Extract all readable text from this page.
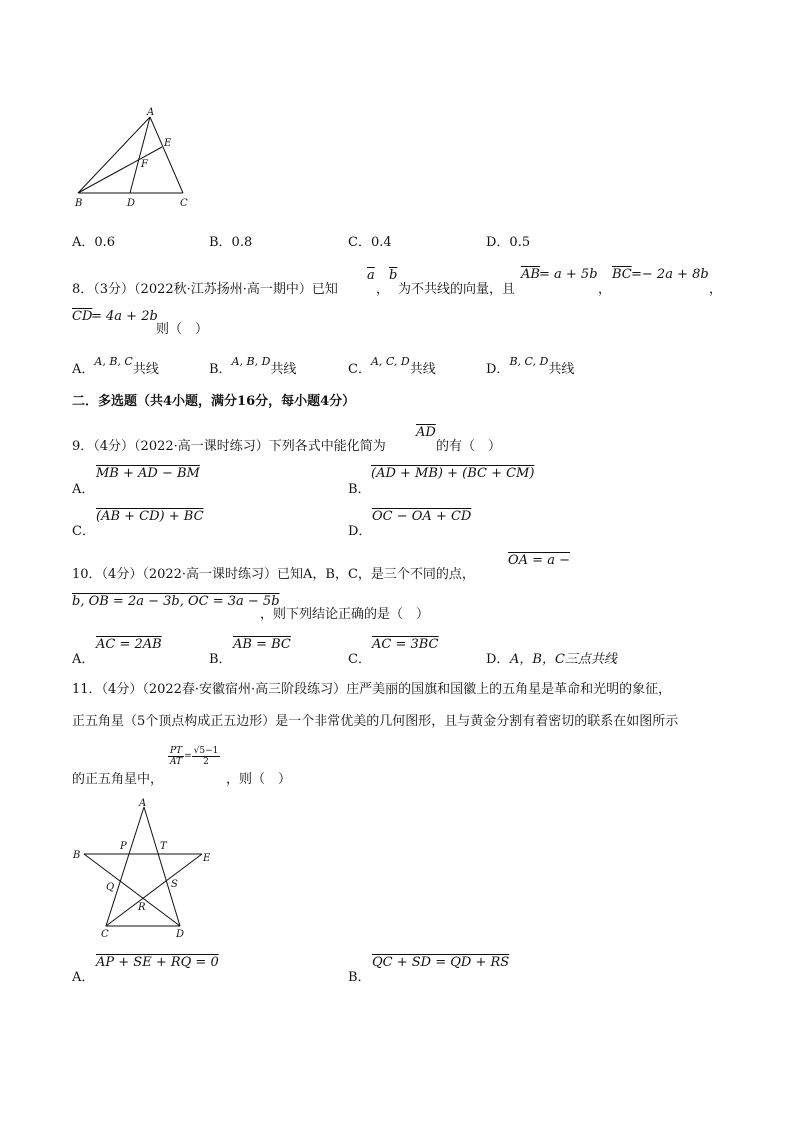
A
E
F
B	D	C
A．0.6	B．0.8	C．0.4	D．0.5
8．（3分）（2022秋·江苏扬州·高一期中）已知
$\overline{a}$
，
$\overline{b}$
为不共线的向量，且
$\overline{AB} = a + 5b$
，
$\overline{BC} =- 2a + 8b$
，
$\overline{CD}$
= 4a + 2b
则（　）
A．$^{A, B, C}$共线	B．$^{A, B, D}$共线	C．$^{A, C, D}$共线	D．$^{B, C, D}$共线
二．多选题（共4小题，满分16分，每小题4分）
9．（4分）（2022·高一课时练习）下列各式中能化简为
$\overline{AD}$
的有（　）
A．
MB + AD − BM
B．
(AD + MB) + (BC + CM)
C．
(AB + CD) + BC
D．
OC − OA + CD
10．（4分）（2022·高一课时练习）已知A，B，C，是三个不同的点，
OA = a −
b, OB = 2a − 3b, OC = 3a − 5b
，则下列结论正确的是（　）
A．
AC = 2AB
B．
AB = BC
C．
AC = 3BC
D． A，B，C三点共线
11．（4分）（2022春·安徽宿州·高三阶段练习）庄严美丽的国旗和国徽上的五角星是革命和光明的象征，
正五角星（5个顶点构成正五边形）是一个非常优美的几何图形，且与黄金分割有着密切的联系在如图所示
的正五角星中，
$\frac{PT}{AT} = \frac{√5-1}{2}$
，则（　）
A
P	T
B	E
Q	S
R
C	D
A．
AP + SE + RQ = 0
B．
QC + SD = QD + RS
